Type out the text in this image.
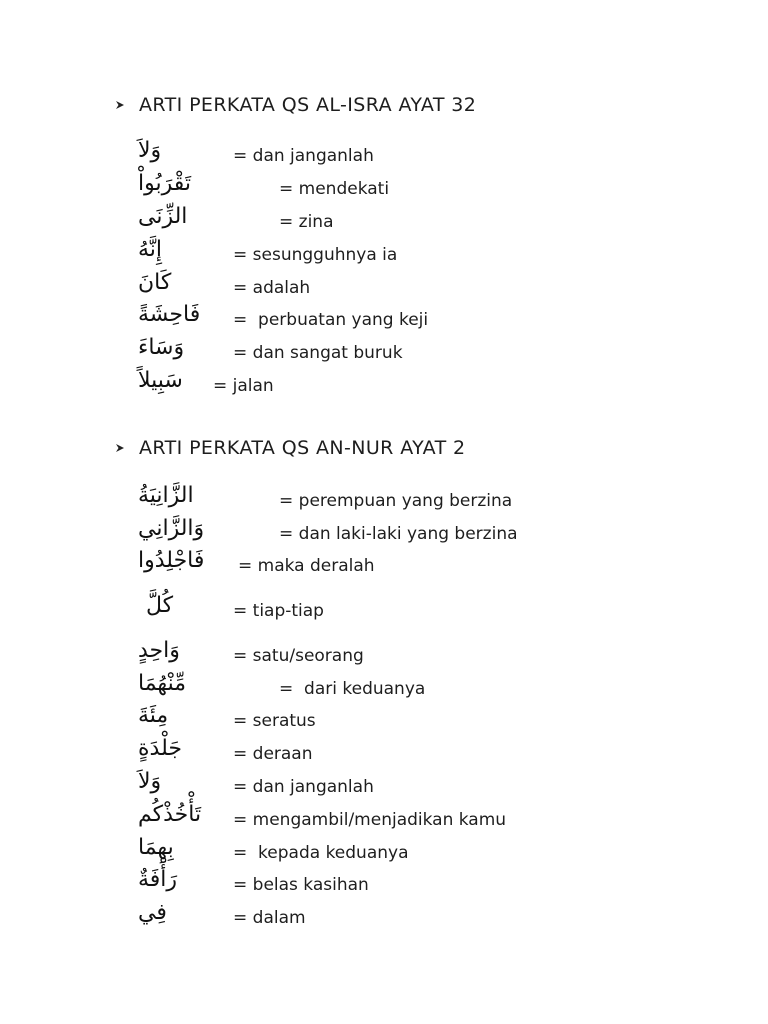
ARTI PERKATA QS AL-ISRA AYAT 32
وَلاَ	= dan janganlah
تَقْرَبُواْ	= mendekati
الزِّنَى	= zina
إِنَّهُ	= sesungguhnya ia
كَانَ	= adalah
فَاحِشَةً =  perbuatan yang keji
وَسَاءَ	= dan sangat buruk
سَبِيلاً = jalan
ARTI PERKATA QS AN-NUR AYAT 2
الزَّانِيَةُ	= perempuan yang berzina
وَالزَّانِي	= dan laki-laki yang berzina
فَاجْلِدُوا = maka deralah
كُلَّ	= tiap-tiap
وَاحِدٍ	= satu/seorang
مِّنْهُمَا	=  dari keduanya
مِئَةَ	= seratus
جَلْدَةٍ	= deraan
وَلاَ	= dan janganlah
تَأْخُذْكُم = mengambil/menjadikan kamu
بِهِمَا	=  kepada keduanya
رَأْفَةٌ	= belas kasihan
فِي	= dalam
